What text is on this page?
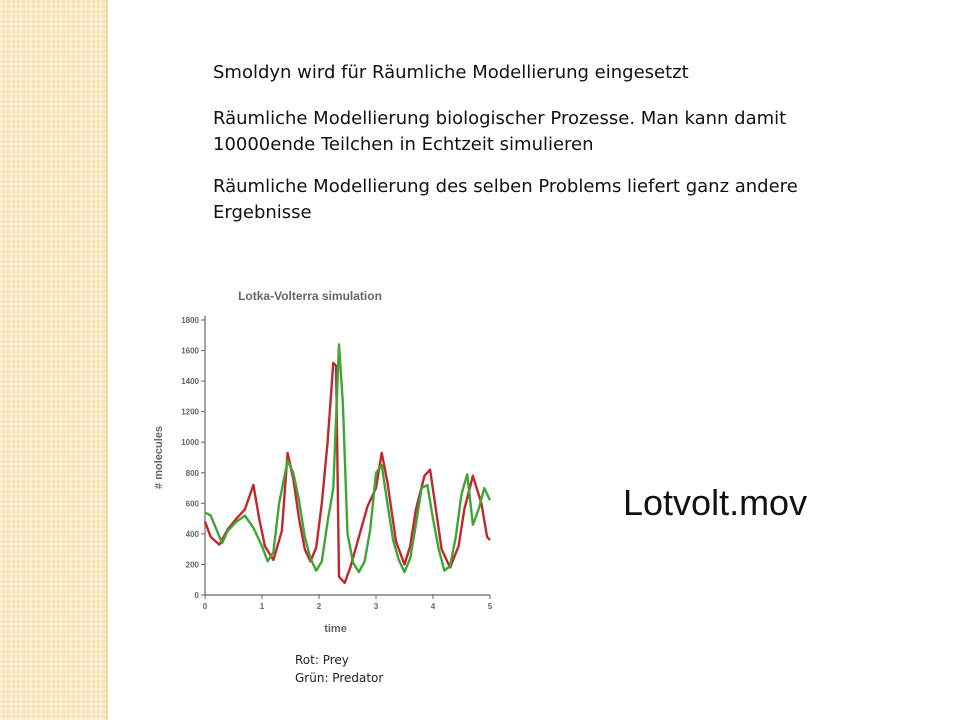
Smoldyn wird für Räumliche Modellierung eingesetzt
Räumliche Modellierung biologischer Prozesse. Man kann damit 10000ende Teilchen in Echtzeit simulieren
Räumliche Modellierung des selben Problems liefert ganz andere Ergebnisse
Lotka-Volterra simulation
0
200
400
600
800
1000
1200
1400
1600
1800
0	1	2	3	4	5
time
# molecules
Rot: Prey
Grün: Predator
Lotvolt.mov
